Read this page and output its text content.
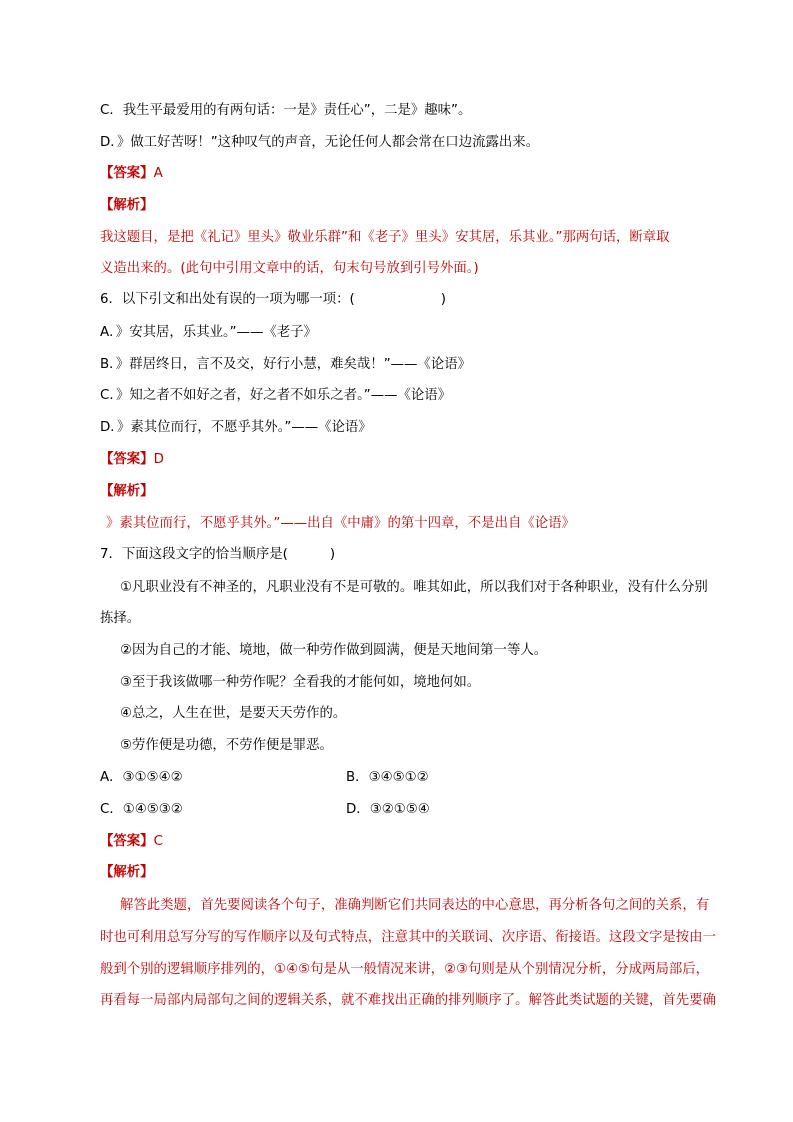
C．我生平最爱用的有两句话：一是》责任心”，二是》趣味”。
D．》做工好苦呀！”这种叹气的声音，无论任何人都会常在口边流露出来。
【答案】A
【解析】
我这题目，是把《礼记》里头》敬业乐群”和《老子》里头》安其居，乐其业。”那两句话，断章取
义造出来的。(此句中引用文章中的话，句末句号放到引号外面。)
6．以下引文和出处有误的一项为哪一项：(	)
A．》安其居，乐其业。”——《老子》
B．》群居终日，言不及交，好行小慧，难矣哉！”——《论语》
C．》知之者不如好之者，好之者不如乐之者。”——《论语》
D．》素其位而行，不愿乎其外。”——《论语》
【答案】D
【解析】
》素其位而行，不愿乎其外。”——出自《中庸》的第十四章，不是出自《论语》
7．下面这段文字的恰当顺序是(	)
①凡职业没有不神圣的，凡职业没有不是可敬的。唯其如此，所以我们对于各种职业，没有什么分别
拣择。
②因为自己的才能、境地，做一种劳作做到圆满，便是天地间第一等人。
③至于我该做哪一种劳作呢？全看我的才能何如，境地何如。
④总之，人生在世，是要天天劳作的。
⑤劳作便是功德，不劳作便是罪恶。
A．③①⑤④②	B．③④⑤①②
C．①④⑤③②	D．③②①⑤④
【答案】C
【解析】
解答此类题，首先要阅读各个句子，准确判断它们共同表达的中心意思，再分析各句之间的关系，有
时也可利用总写分写的写作顺序以及句式特点，注意其中的关联词、次序语、衔接语。这段文字是按由一
般到个别的逻辑顺序排列的，①④⑤句是从一般情况来讲，②③句则是从个别情况分析，分成两局部后，
再看每一局部内局部句之间的逻辑关系，就不难找出正确的排列顺序了。解答此类试题的关键，首先要确
